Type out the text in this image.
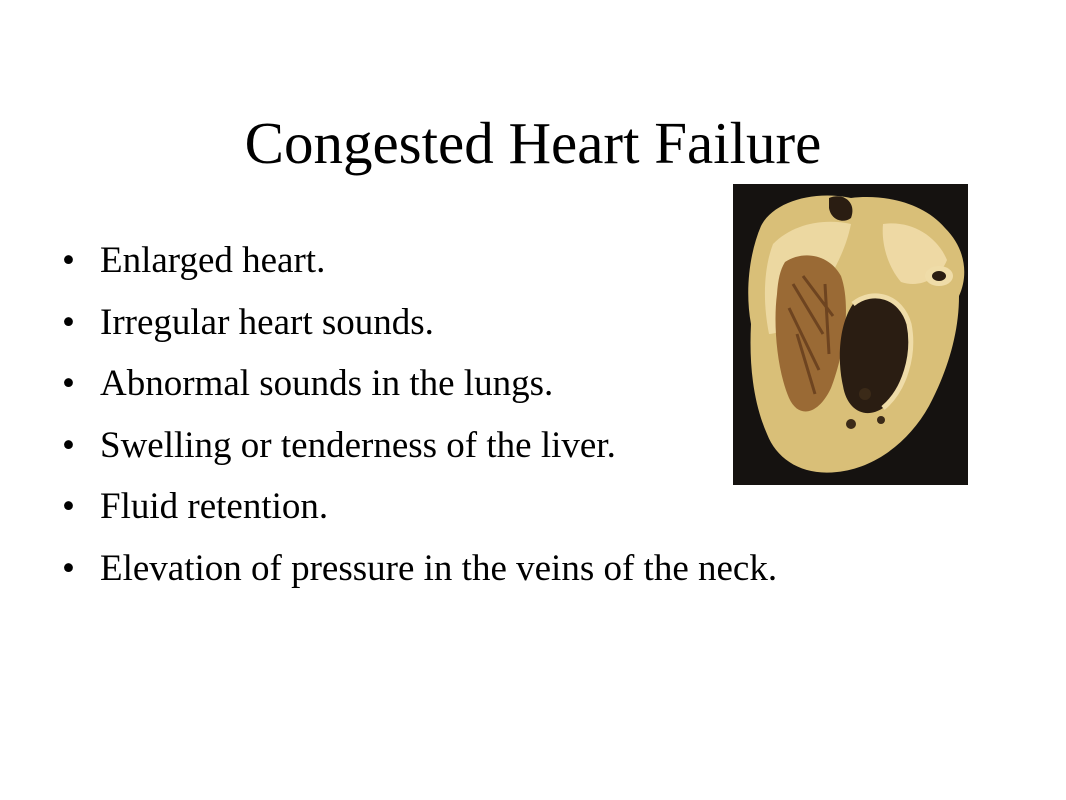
Congested Heart Failure
• Enlarged heart.
• Irregular heart sounds.
• Abnormal sounds in the lungs.
• Swelling or tenderness of the liver.
• Fluid retention.
• Elevation of pressure in the veins of the neck.
